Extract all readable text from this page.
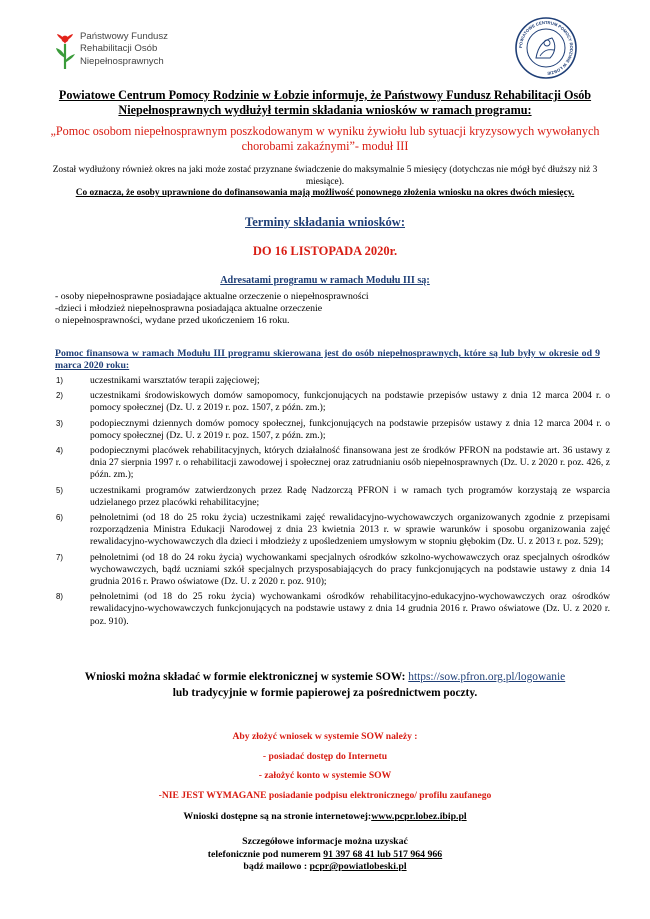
Państwowy Fundusz
Rehabilitacji Osób
Niepełnosprawnych
POWIATOWE CENTRUM POMOCY RODZINIE W ŁOBZIE
Powiatowe Centrum Pomocy Rodzinie w Łobzie informuje, że Państwowy Fundusz Rehabilitacji Osób Niepełnosprawnych wydłużył termin składania wniosków w ramach programu:
„Pomoc osobom niepełnosprawnym poszkodowanym w wyniku żywiołu lub sytuacji kryzysowych wywołanych chorobami zakaźnymi”- moduł III
Został wydłużony również okres na jaki może zostać przyznane świadczenie do maksymalnie 5 miesięcy (dotychczas nie mógł być dłuższy niż 3 miesiące).
Co oznacza, że osoby uprawnione do dofinansowania mają możliwość ponownego złożenia wniosku na okres dwóch miesięcy.
Terminy składania wniosków:
DO 16 LISTOPADA 2020r.
Adresatami programu w ramach Modułu III są:
- osoby niepełnosprawne posiadające aktualne orzeczenie o niepełnosprawności
-dzieci i młodzież niepełnosprawna posiadająca aktualne orzeczenie
o niepełnosprawności, wydane przed ukończeniem 16 roku.
Pomoc finansowa w ramach Modułu III programu skierowana jest do osób niepełnosprawnych, które są lub były w okresie od 9 marca 2020 roku:
1)	uczestnikami warsztatów terapii zajęciowej;
2)	uczestnikami środowiskowych domów samopomocy, funkcjonujących na podstawie przepisów ustawy z dnia 12 marca 2004 r. o pomocy społecznej (Dz. U. z 2019 r. poz. 1507, z późn. zm.);
3)	podopiecznymi dziennych domów pomocy społecznej, funkcjonujących na podstawie przepisów ustawy z dnia 12 marca 2004 r. o pomocy społecznej (Dz. U. z 2019 r. poz. 1507, z późn. zm.);
4)	podopiecznymi placówek rehabilitacyjnych, których działalność finansowana jest ze środków PFRON na podstawie art. 36 ustawy z dnia 27 sierpnia 1997 r. o rehabilitacji zawodowej i społecznej oraz zatrudnianiu osób niepełnosprawnych (Dz. U. z 2020 r. poz. 426, z późn. zm.);
5)	uczestnikami programów zatwierdzonych przez Radę Nadzorczą PFRON i w ramach tych programów korzystają ze wsparcia udzielanego przez placówki rehabilitacyjne;
6)	pełnoletnimi (od 18 do 25 roku życia) uczestnikami zajęć rewalidacyjno-wychowawczych organizowanych zgodnie z przepisami rozporządzenia Ministra Edukacji Narodowej z dnia 23 kwietnia 2013 r. w sprawie warunków i sposobu organizowania zajęć rewalidacyjno-wychowawczych dla dzieci i młodzieży z upośledzeniem umysłowym w stopniu głębokim (Dz. U. z 2013 r. poz. 529);
7)	pełnoletnimi (od 18 do 24 roku życia) wychowankami specjalnych ośrodków szkolno-wychowawczych oraz specjalnych ośrodków wychowawczych, bądź uczniami szkół specjalnych przysposabiających do pracy funkcjonujących na podstawie ustawy z dnia 14 grudnia 2016 r. Prawo oświatowe (Dz. U. z 2020 r. poz. 910);
8)	pełnoletnimi (od 18 do 25 roku życia) wychowankami ośrodków rehabilitacyjno-edukacyjno-wychowawczych oraz ośrodków rewalidacyjno-wychowawczych funkcjonujących na podstawie ustawy z dnia 14 grudnia 2016 r. Prawo oświatowe (Dz. U. z 2020 r. poz. 910).
Wnioski można składać w formie elektronicznej w systemie SOW: https://sow.pfron.org.pl/logowanie
lub tradycyjnie w formie papierowej za pośrednictwem poczty.
Aby złożyć wniosek w systemie SOW należy :
- posiadać dostęp do Internetu
- założyć konto w systemie SOW
-NIE JEST WYMAGANE posiadanie podpisu elektronicznego/ profilu zaufanego
Wnioski dostępne są na stronie internetowej:www.pcpr.lobez.ibip.pl
Szczegółowe informacje można uzyskać
telefonicznie pod numerem 91 397 68 41 lub 517 964 966
bądź mailowo : pcpr@powiatlobeski.pl
